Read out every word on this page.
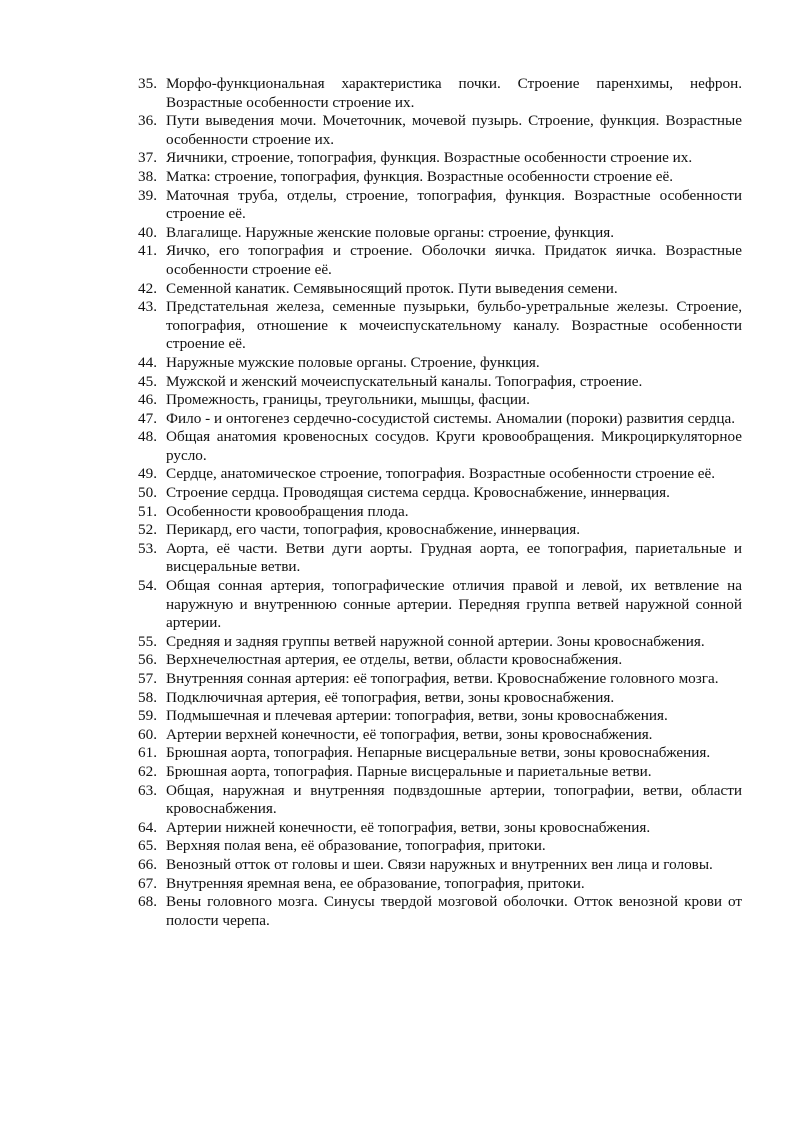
35. Морфо-функциональная характеристика почки. Строение паренхимы, нефрон. Возрастные особенности строение их.
36. Пути выведения мочи. Мочеточник, мочевой пузырь. Строение, функция. Возрастные особенности строение их.
37. Яичники, строение, топография, функция. Возрастные особенности строение их.
38. Матка: строение, топография, функция. Возрастные особенности строение её.
39. Маточная труба, отделы, строение, топография, функция. Возрастные особенности строение её.
40. Влагалище. Наружные женские половые органы: строение, функция.
41. Яичко, его топография и строение. Оболочки яичка. Придаток яичка. Возрастные особенности строение её.
42. Семенной канатик. Семявыносящий проток. Пути выведения семени.
43. Предстательная железа, семенные пузырьки, бульбо-уретральные железы. Строение, топография, отношение к мочеиспускательному каналу. Возрастные особенности строение её.
44. Наружные мужские половые органы. Строение, функция.
45. Мужской и женский мочеиспускательный каналы. Топография, строение.
46. Промежность, границы, треугольники, мышцы, фасции.
47. Фило - и онтогенез сердечно-сосудистой системы. Аномалии (пороки) развития сердца.
48. Общая анатомия кровеносных сосудов. Круги кровообращения. Микроциркуляторное русло.
49. Сердце, анатомическое строение, топография. Возрастные особенности строение её.
50. Строение сердца. Проводящая система сердца. Кровоснабжение, иннервация.
51. Особенности кровообращения плода.
52. Перикард, его части, топография, кровоснабжение, иннервация.
53. Аорта, её части. Ветви дуги аорты. Грудная аорта, ее топография, париетальные и висцеральные ветви.
54. Общая сонная артерия, топографические отличия правой и левой, их ветвление на наружную и внутреннюю сонные артерии. Передняя группа ветвей наружной сонной артерии.
55. Средняя и задняя группы ветвей наружной сонной артерии. Зоны кровоснабжения.
56. Верхнечелюстная артерия, ее отделы, ветви, области кровоснабжения.
57. Внутренняя сонная артерия: её топография, ветви. Кровоснабжение головного мозга.
58. Подключичная артерия, её топография, ветви, зоны кровоснабжения.
59. Подмышечная и плечевая артерии: топография, ветви, зоны кровоснабжения.
60. Артерии верхней конечности, её топография, ветви, зоны кровоснабжения.
61. Брюшная аорта, топография. Непарные висцеральные ветви, зоны кровоснабжения.
62. Брюшная аорта, топография. Парные висцеральные и париетальные ветви.
63. Общая, наружная и внутренняя подвздошные артерии, топографии, ветви, области кровоснабжения.
64. Артерии нижней конечности, её топография, ветви, зоны кровоснабжения.
65. Верхняя полая вена, её образование, топография, притоки.
66. Венозный отток от головы и шеи. Связи наружных и внутренних вен лица и головы.
67. Внутренняя яремная вена, ее образование, топография, притоки.
68. Вены головного мозга. Синусы твердой мозговой оболочки. Отток венозной крови от полости черепа.
